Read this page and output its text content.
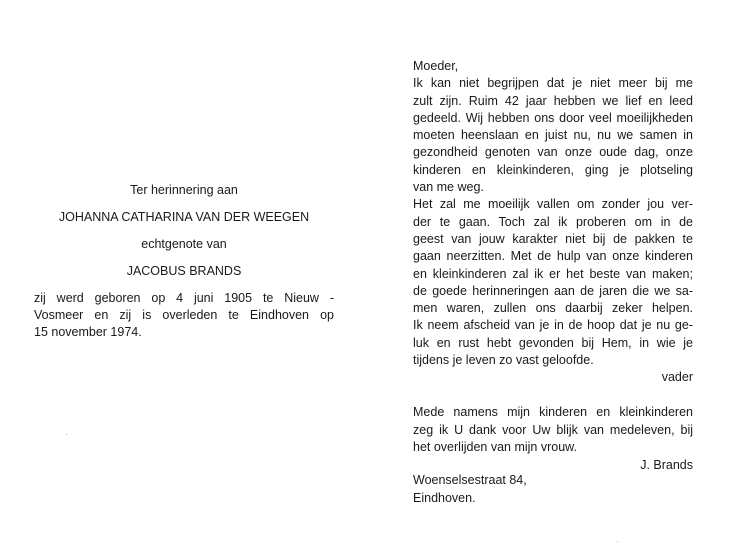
Ter herinnering aan

JOHANNA CATHARINA VAN DER WEEGEN

echtgenote van

JACOBUS BRANDS

zij werd geboren op 4 juni 1905 te Nieuw -

Vosmeer en zij is overleden te Eindhoven op

15 november 1974.

Moeder,

Ik kan niet begrijpen dat je niet meer bij me

zult zijn. Ruim 42 jaar hebben we lief en leed

gedeeld. Wij hebben ons door veel moeilijkheden

moeten heenslaan en juist nu, nu we samen in

gezondheid genoten van onze oude dag, onze

kinderen en kleinkinderen, ging je plotseling

van me weg.

Het zal me moeilijk vallen om zonder jou ver-

der te gaan. Toch zal ik proberen om in de

geest van jouw karakter niet bij de pakken te

gaan neerzitten. Met de hulp van onze kinderen

en kleinkinderen zal ik er het beste van maken;

de goede herinneringen aan de jaren die we sa-

men waren, zullen ons daarbij zeker helpen.

Ik neem afscheid van je in de hoop dat je nu ge-

luk en rust hebt gevonden bij Hem, in wie je

tijdens je leven zo vast geloofde.

vader

Mede namens mijn kinderen en kleinkinderen

zeg ik U dank voor Uw blijk van medeleven, bij

het overlijden van mijn vrouw.

J. Brands

Woenselsestraat 84,

Eindhoven.
